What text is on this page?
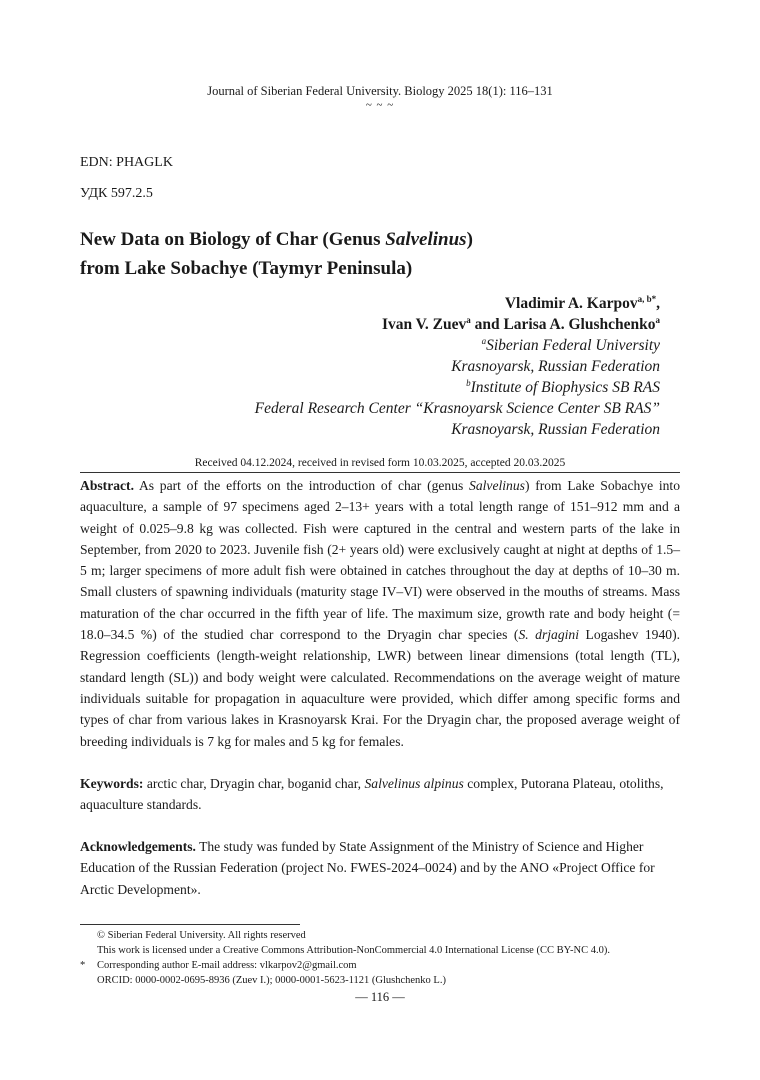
Journal of Siberian Federal University. Biology 2025 18(1): 116–131
~ ~ ~
EDN: PHAGLK
УДК 597.2.5
New Data on Biology of Char (Genus Salvelinus)
from Lake Sobachye (Taymyr Peninsula)
Vladimir A. Karpov$^{a, b*}$,
Ivan V. Zuev$^a$ and Larisa A. Glushchenko$^a$
$^a$Siberian Federal University
Krasnoyarsk, Russian Federation
$^b$Institute of Biophysics SB RAS
Federal Research Center “Krasnoyarsk Science Center SB RAS”
Krasnoyarsk, Russian Federation
Received 04.12.2024, received in revised form 10.03.2025, accepted 20.03.2025
Abstract. As part of the efforts on the introduction of char (genus Salvelinus) from Lake Sobachye into aquaculture, a sample of 97 specimens aged 2–13+ years with a total length range of 151–912 mm and a weight of 0.025–9.8 kg was collected. Fish were captured in the central and western parts of the lake in September, from 2020 to 2023. Juvenile fish (2+ years old) were exclusively caught at night at depths of 1.5–5 m; larger specimens of more adult fish were obtained in catches throughout the day at depths of 10–30 m. Small clusters of spawning individuals (maturity stage IV–VI) were observed in the mouths of streams. Mass maturation of the char occurred in the fifth year of life. The maximum size, growth rate and body height (= 18.0–34.5 %) of the studied char correspond to the Dryagin char species (S. drjagini Logashev 1940). Regression coefficients (length-weight relationship, LWR) between linear dimensions (total length (TL), standard length (SL)) and body weight were calculated. Recommendations on the average weight of mature individuals suitable for propagation in aquaculture were provided, which differ among specific forms and types of char from various lakes in Krasnoyarsk Krai. For the Dryagin char, the proposed average weight of breeding individuals is 7 kg for males and 5 kg for females.
Keywords: arctic char, Dryagin char, boganid char, Salvelinus alpinus complex, Putorana Plateau, otoliths, aquaculture standards.
Acknowledgements. The study was funded by State Assignment of the Ministry of Science and Higher Education of the Russian Federation (project No. FWES-2024–0024) and by the ANO «Project Office for Arctic Development».
© Siberian Federal University. All rights reserved
This work is licensed under a Creative Commons Attribution-NonCommercial 4.0 International License (CC BY-NC 4.0).
* Corresponding author E-mail address: vlkarpov2@gmail.com
ORCID: 0000-0002-0695-8936 (Zuev I.); 0000-0001-5623-1121 (Glushchenko L.)
— 116 —
